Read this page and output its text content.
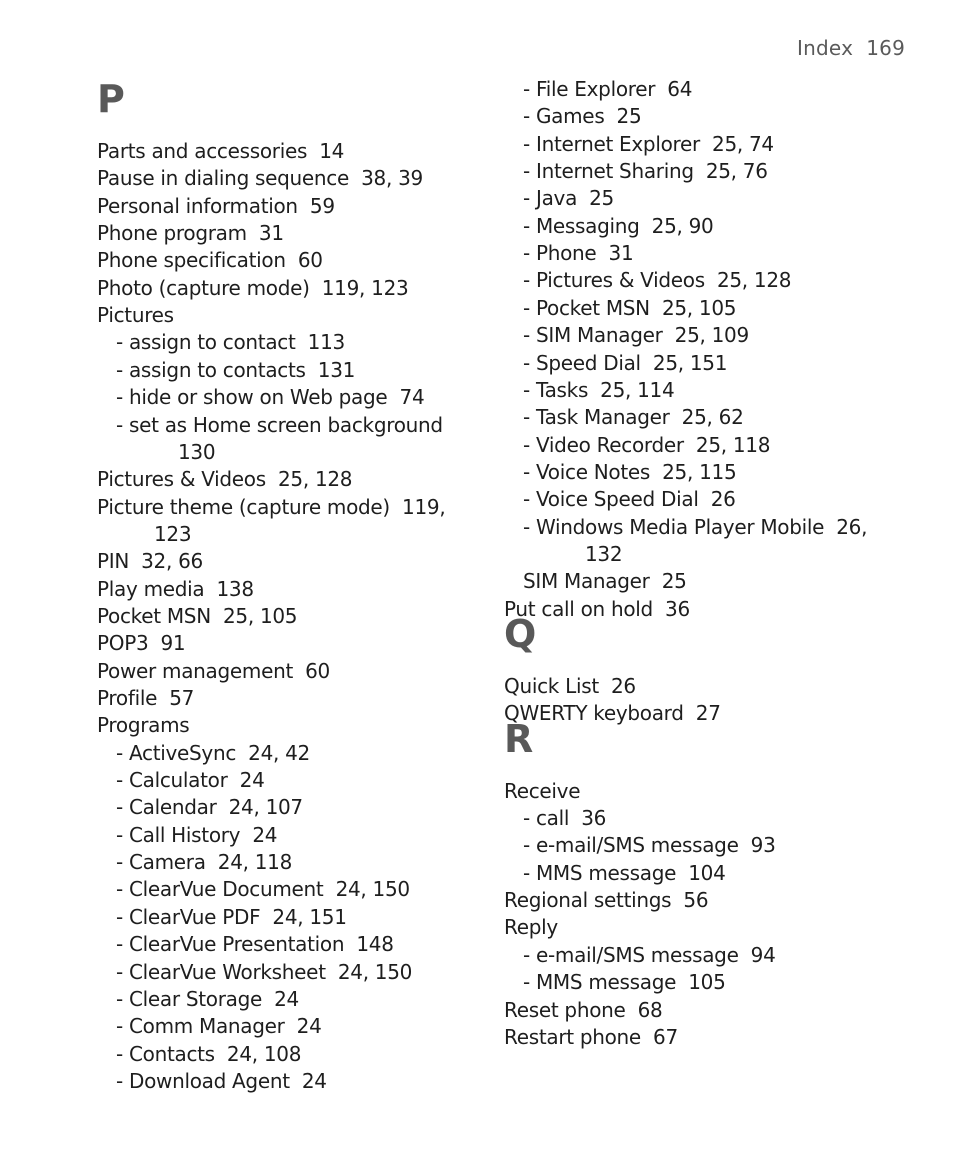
Index  169
P
Parts and accessories  14
Pause in dialing sequence  38, 39
Personal information  59
Phone program  31
Phone specification  60
Photo (capture mode)  119, 123
Pictures
- assign to contact  113
- assign to contacts  131
- hide or show on Web page  74
- set as Home screen background
130
Pictures & Videos  25, 128
Picture theme (capture mode)  119,
123
PIN  32, 66
Play media  138
Pocket MSN  25, 105
POP3  91
Power management  60
Profile  57
Programs
- ActiveSync  24, 42
- Calculator  24
- Calendar  24, 107
- Call History  24
- Camera  24, 118
- ClearVue Document  24, 150
- ClearVue PDF  24, 151
- ClearVue Presentation  148
- ClearVue Worksheet  24, 150
- Clear Storage  24
- Comm Manager  24
- Contacts  24, 108
- Download Agent  24
- File Explorer  64
- Games  25
- Internet Explorer  25, 74
- Internet Sharing  25, 76
- Java  25
- Messaging  25, 90
- Phone  31
- Pictures & Videos  25, 128
- Pocket MSN  25, 105
- SIM Manager  25, 109
- Speed Dial  25, 151
- Tasks  25, 114
- Task Manager  25, 62
- Video Recorder  25, 118
- Voice Notes  25, 115
- Voice Speed Dial  26
- Windows Media Player Mobile  26,
132
SIM Manager  25
Put call on hold  36
Q
Quick List  26
QWERTY keyboard  27
R
Receive
- call  36
- e-mail/SMS message  93
- MMS message  104
Regional settings  56
Reply
- e-mail/SMS message  94
- MMS message  105
Reset phone  68
Restart phone  67
